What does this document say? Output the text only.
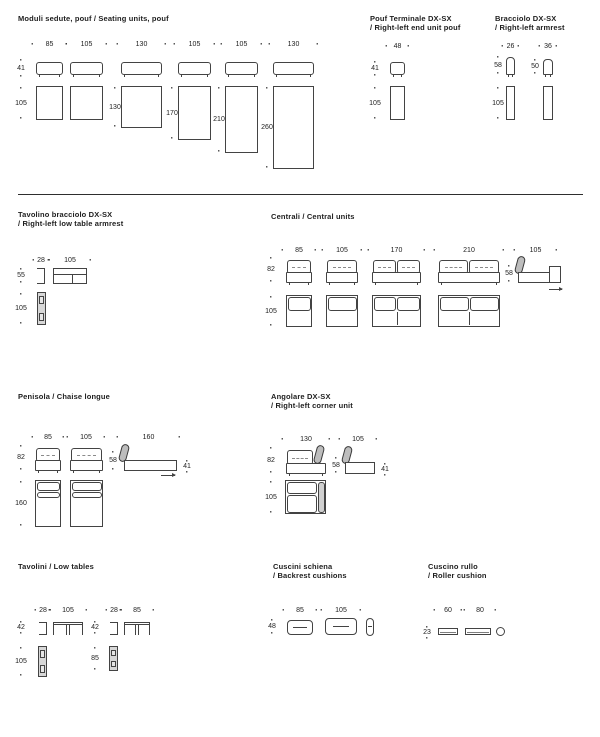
Moduli sedute, pouf / Seating units, pouf
· 85
·	· 105
·	· 130
·	· 105
·	· 105
·	· 130
·
· 41
·
· 105
·
· 130
·
· 170
·
· 210
·
· 260
·
Pouf Terminale DX-SX
/ Right-left end unit pouf
· 48
·
· 41
·
· 105
·
Bracciolo DX-SX
/ Right-left armrest
· 26
·	· 36
·
· 58
·	· 50
·
· 105
·
Tavolino bracciolo DX-SX
/ Right-left low table armrest
· 28
·	· 105
·
· 55
·
· 105
·
Centrali / Central units
· 85
·	· 105
·	· 170
·	· 210
·	· 105
·
· 82
·
· 58
·
· 105
·
Penisola / Chaise longue
· 85
·	· 105
·	· 160
·
· 82
·	· 58
·
· 41
·
· 160
·
Angolare DX-SX
/ Right-left corner unit
· 130
·	· 105
·
· 82
·
· 58
·
· 41
·
· 105
·
Tavolini / Low tables
· 28
·	· 105
·
· 42
·
· 105
·
· 28
·	· 85
·
· 42
·
· 85
·
Cuscini schiena
/ Backrest cushions
· 85
·	· 105
·
· 48
·
Cuscino rullo
/ Roller cushion
· 60
·	· 80
·
· 23
·
